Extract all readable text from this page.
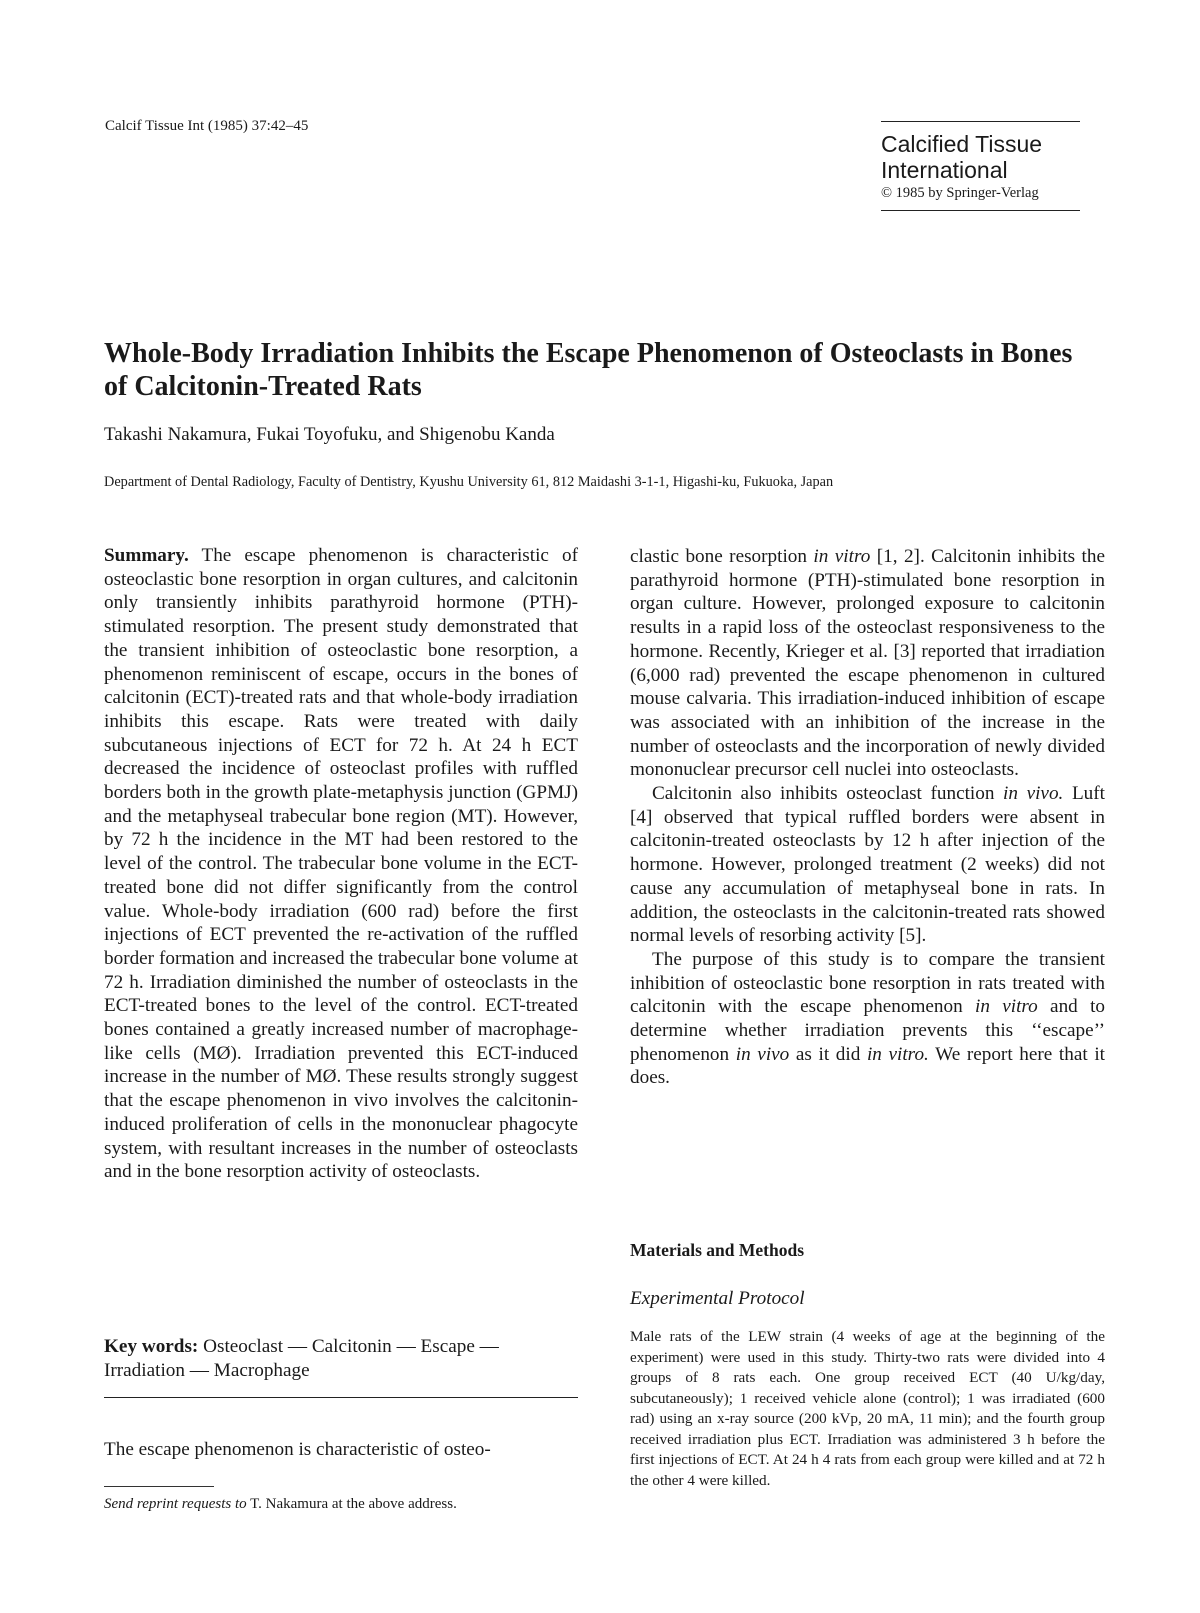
Calcif Tissue Int (1985) 37:42–45
Calcified Tissue
International
© 1985 by Springer-Verlag
Whole-Body Irradiation Inhibits the Escape Phenomenon of Osteoclasts in Bones of Calcitonin-Treated Rats
Takashi Nakamura, Fukai Toyofuku, and Shigenobu Kanda
Department of Dental Radiology, Faculty of Dentistry, Kyushu University 61, 812 Maidashi 3-1-1, Higashi-ku, Fukuoka, Japan

Summary. The escape phenomenon is characteristic of osteoclastic bone resorption in organ cultures, and calcitonin only transiently inhibits parathyroid hormone (PTH)-stimulated resorption. The present study demonstrated that the transient inhibition of osteoclastic bone resorption, a phenomenon reminiscent of escape, occurs in the bones of calcitonin (ECT)-treated rats and that whole-body irradiation inhibits this escape. Rats were treated with daily subcutaneous injections of ECT for 72 h. At 24 h ECT decreased the incidence of osteoclast profiles with ruffled borders both in the growth plate-metaphysis junction (GPMJ) and the metaphyseal trabecular bone region (MT). However, by 72 h the incidence in the MT had been restored to the level of the control. The trabecular bone volume in the ECT-treated bone did not differ significantly from the control value. Whole-body irradiation (600 rad) before the first injections of ECT prevented the re-activation of the ruffled border formation and increased the trabecular bone volume at 72 h. Irradiation diminished the number of osteoclasts in the ECT-treated bones to the level of the control. ECT-treated bones contained a greatly increased number of macrophage-like cells (MØ). Irradiation prevented this ECT-induced increase in the number of MØ. These results strongly suggest that the escape phenomenon in vivo involves the calcitonin-induced proliferation of cells in the mononuclear phagocyte system, with resultant increases in the number of osteoclasts and in the bone resorption activity of osteoclasts.

Key words: Osteoclast — Calcitonin — Escape — Irradiation — Macrophage
The escape phenomenon is characteristic of osteo-
Send reprint requests to T. Nakamura at the above address.

clastic bone resorption in vitro [1, 2]. Calcitonin inhibits the parathyroid hormone (PTH)-stimulated bone resorption in organ culture. However, prolonged exposure to calcitonin results in a rapid loss of the osteoclast responsiveness to the hormone. Recently, Krieger et al. [3] reported that irradiation (6,000 rad) prevented the escape phenomenon in cultured mouse calvaria. This irradiation-induced inhibition of escape was associated with an inhibition of the increase in the number of osteoclasts and the incorporation of newly divided mononuclear precursor cell nuclei into osteoclasts.

Calcitonin also inhibits osteoclast function in vivo. Luft [4] observed that typical ruffled borders were absent in calcitonin-treated osteoclasts by 12 h after injection of the hormone. However, prolonged treatment (2 weeks) did not cause any accumulation of metaphyseal bone in rats. In addition, the osteoclasts in the calcitonin-treated rats showed normal levels of resorbing activity [5].

The purpose of this study is to compare the transient inhibition of osteoclastic bone resorption in rats treated with calcitonin with the escape phenomenon in vitro and to determine whether irradiation prevents this ‘‘escape’’ phenomenon in vivo as it did in vitro. We report here that it does.

Materials and Methods
Experimental Protocol
Male rats of the LEW strain (4 weeks of age at the beginning of the experiment) were used in this study. Thirty-two rats were divided into 4 groups of 8 rats each. One group received ECT (40 U/kg/day, subcutaneously); 1 received vehicle alone (control); 1 was irradiated (600 rad) using an x-ray source (200 kVp, 20 mA, 11 min); and the fourth group received irradiation plus ECT. Irradiation was administered 3 h before the first injections of ECT. At 24 h 4 rats from each group were killed and at 72 h the other 4 were killed.
